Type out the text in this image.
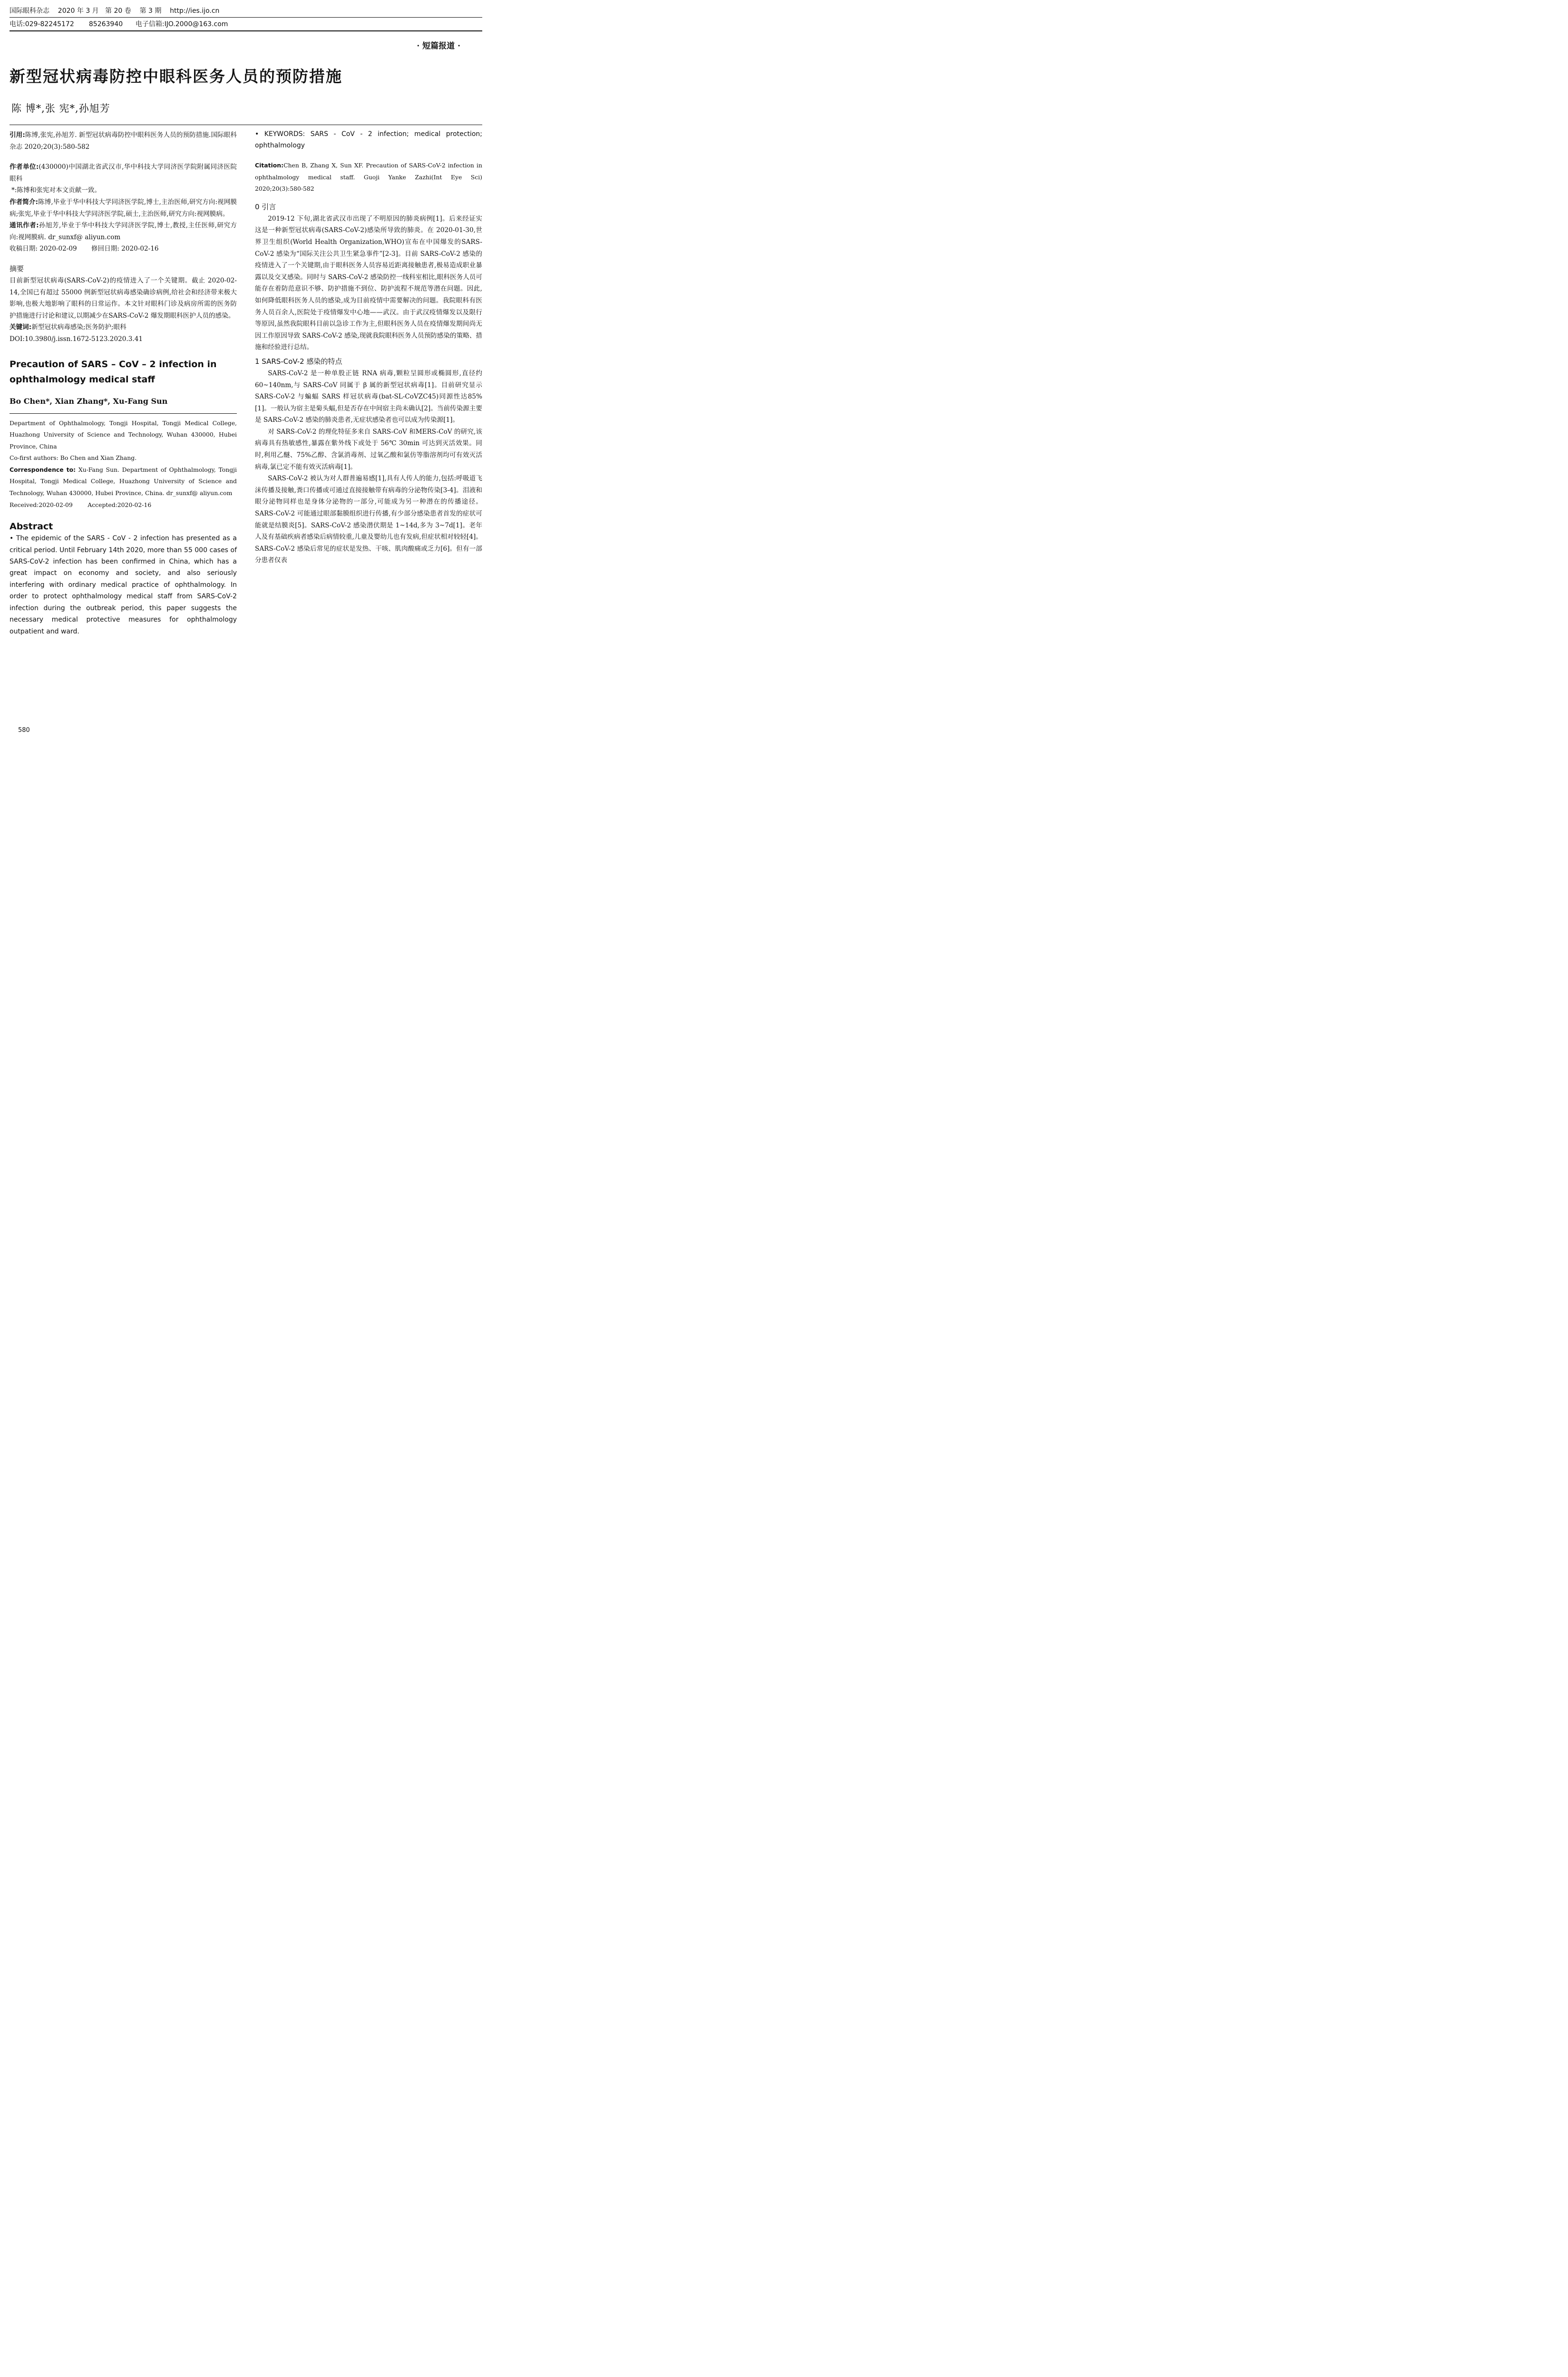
国际眼科杂志    2020 年 3 月   第 20 卷    第 3 期    http://ies.ijo.cn
电话:029-82245172       85263940      电子信箱:IJO.2000@163.com
· 短篇报道 ·
新型冠状病毒防控中眼科医务人员的预防措施
陈 博*,张 宪*,孙旭芳

引用:陈博,张宪,孙旭芳. 新型冠状病毒防控中眼科医务人员的预防措施.国际眼科杂志 2020;20(3):580-582

作者单位:(430000)中国湖北省武汉市,华中科技大学同济医学院附属同济医院眼科

*:陈博和张宪对本文贡献一致。

作者简介:陈博,毕业于华中科技大学同济医学院,博士,主治医师,研究方向:视网膜病;张宪,毕业于华中科技大学同济医学院,硕士,主治医师,研究方向:视网膜病。

通讯作者:孙旭芳,毕业于华中科技大学同济医学院,博士,教授,主任医师,研究方向:视网膜病. dr_sunxf@ aliyun.com

收稿日期: 2020-02-09       修回日期: 2020-02-16

摘要

目前新型冠状病毒(SARS-CoV-2)的疫情进入了一个关键期。截止 2020-02-14,全国已有超过 55000 例新型冠状病毒感染确诊病例,给社会和经济带来极大影响,也极大地影响了眼科的日常运作。本文针对眼科门诊及病房所需的医务防护措施进行讨论和建议,以期减少在SARS-CoV-2 爆发期眼科医护人员的感染。

关键词:新型冠状病毒感染;医务防护;眼科

DOI:10.3980/j.issn.1672-5123.2020.3.41

Precaution of SARS – CoV – 2 infection in ophthalmology medical staff

Bo Chen*, Xian Zhang*, Xu-Fang Sun

Department of Ophthalmology, Tongji Hospital, Tongji Medical College, Huazhong University of Science and Technology, Wuhan 430000, Hubei Province, China

Co-first authors: Bo Chen and Xian Zhang.

Correspondence to: Xu-Fang Sun. Department of Ophthalmology, Tongji Hospital, Tongji Medical College, Huazhong University of Science and Technology, Wuhan 430000, Hubei Province, China. dr_sunxf@ aliyun.com

Received:2020-02-09        Accepted:2020-02-16

Abstract

• The epidemic of the SARS - CoV - 2 infection has presented as a critical period. Until February 14th 2020, more than 55 000 cases of SARS-CoV-2 infection has been confirmed in China, which has a great impact on economy and society, and also seriously interfering with ordinary medical practice of ophthalmology. In order to protect ophthalmology medical staff from SARS-CoV-2 infection during the outbreak period, this paper suggests the necessary medical protective measures for ophthalmology outpatient and ward.

• KEYWORDS: SARS - CoV - 2 infection; medical protection; ophthalmology

Citation:Chen B, Zhang X, Sun XF. Precaution of SARS-CoV-2 infection in ophthalmology medical staff. Guoji Yanke Zazhi(Int Eye Sci) 2020;20(3):580-582

0 引言

2019-12 下旬,湖北省武汉市出现了不明原因的肺炎病例[1]。后来经证实这是一种新型冠状病毒(SARS-CoV-2)感染所导致的肺炎。在 2020-01-30,世界卫生组织(World Health Organization,WHO)宣布在中国爆发的SARS-CoV-2 感染为“国际关注公共卫生紧急事件”[2-3]。目前 SARS-CoV-2 感染的疫情进入了一个关键期,由于眼科医务人员容易近距离接触患者,极易造成职业暴露以及交叉感染。同时与 SARS-CoV-2 感染防控一线科室相比,眼科医务人员可能存在着防范意识不够、防护措施不到位、防护流程不规范等潜在问题。因此,如何降低眼科医务人员的感染,成为目前疫情中需要解决的问题。我院眼科有医务人员百余人,医院处于疫情爆发中心地——武汉。由于武汉疫情爆发以及限行等原因,虽然我院眼科目前以急诊工作为主,但眼科医务人员在疫情爆发期间尚无因工作原因导致 SARS-CoV-2 感染,现就我院眼科医务人员预防感染的策略、措施和经验进行总结。

1 SARS-CoV-2 感染的特点

SARS-CoV-2 是一种单股正链 RNA 病毒,颗粒呈圆形或椭圆形,直径约 60~140nm,与 SARS-CoV 同属于 β 属的新型冠状病毒[1]。目前研究显示 SARS-CoV-2 与蝙蝠 SARS 样冠状病毒(bat-SL-CoVZC45)同源性达85%[1]。一般认为宿主是菊头蝠,但是否存在中间宿主尚未确认[2]。当前传染源主要是 SARS-CoV-2 感染的肺炎患者,无症状感染者也可以成为传染源[1]。

对 SARS-CoV-2 的理化特征多来自 SARS-CoV 和MERS-CoV 的研究,该病毒具有热敏感性,暴露在紫外线下或处于 56℃ 30min 可达到灭活效果。同时,利用乙醚、75%乙醇、含氯消毒剂、过氧乙酸和氯仿等脂溶剂均可有效灭活病毒,氯已定不能有效灭活病毒[1]。

SARS-CoV-2 被认为对人群普遍易感[1],具有人传人的能力,包括:呼吸道飞沫传播及接触,粪口传播或可通过直接接触带有病毒的分泌物传染[3-4]。泪液和眼分泌物同样也是身体分泌物的一部分,可能成为另一种潜在的传播途径。SARS-CoV-2 可能通过眼部黏膜组织进行传播,有少部分感染患者首发的症状可能就是结膜炎[5]。SARS-CoV-2 感染潜伏期是 1~14d,多为 3~7d[1]。老年人及有基础疾病者感染后病情较重,儿童及婴幼儿也有发病,但症状相对较轻[4]。SARS-CoV-2 感染后常见的症状是发热、干咳、肌肉酸痛或乏力[6]。但有一部分患者仅表

580
